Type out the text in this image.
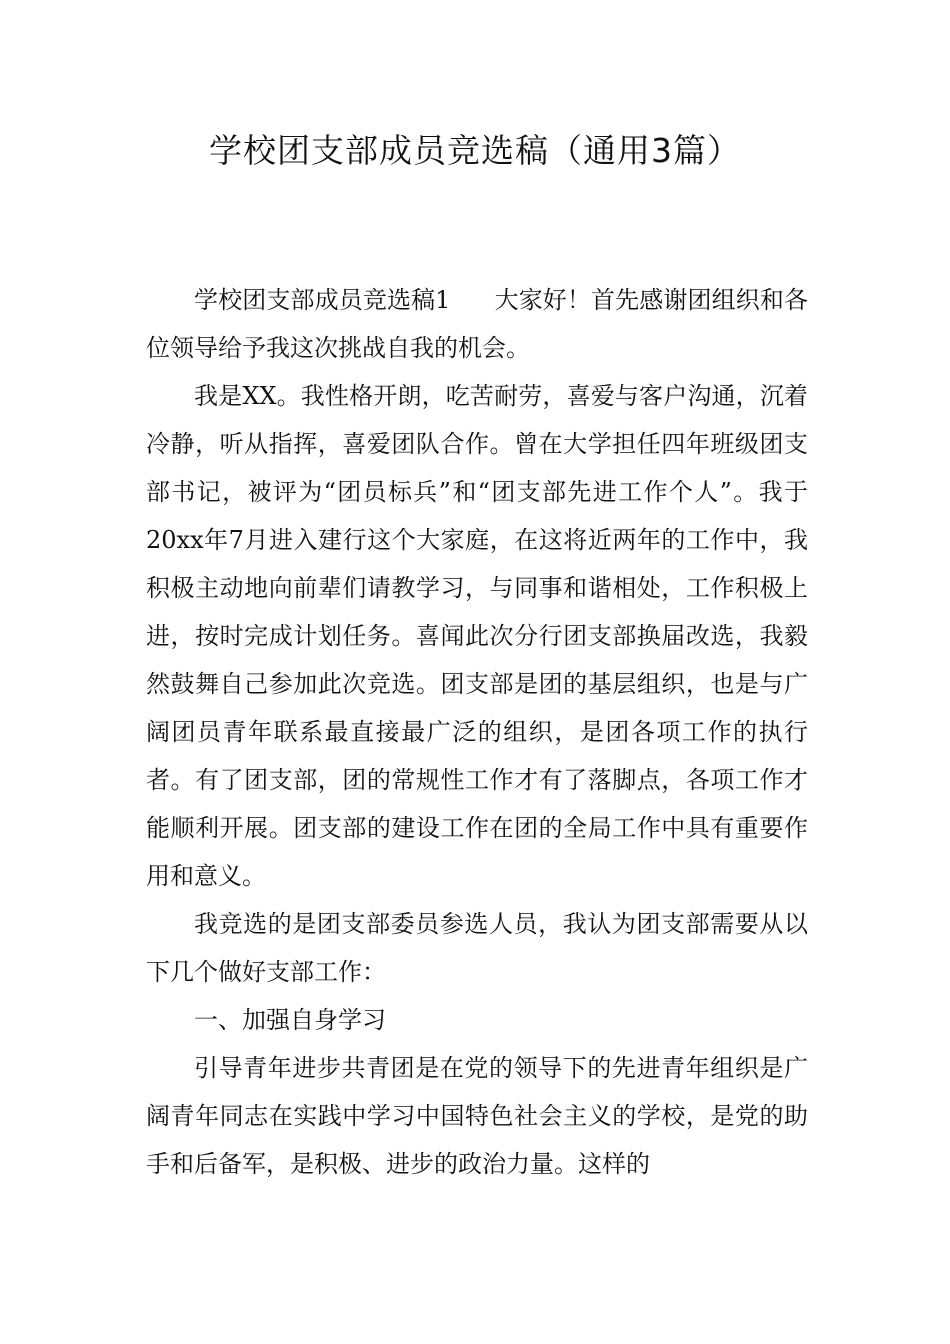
学校团支部成员竞选稿（通用3篇）

学校团支部成员竞选稿1 大家好！首先感谢团组织和各位领导给予我这次挑战自我的机会。

我是XX。我性格开朗，吃苦耐劳，喜爱与客户沟通，沉着冷静，听从指挥，喜爱团队合作。曾在大学担任四年班级团支部书记，被评为“团员标兵”和“团支部先进工作个人”。我于20xx年7月进入建行这个大家庭，在这将近两年的工作中，我积极主动地向前辈们请教学习，与同事和谐相处，工作积极上进，按时完成计划任务。喜闻此次分行团支部换届改选，我毅然鼓舞自己参加此次竞选。团支部是团的基层组织，也是与广阔团员青年联系最直接最广泛的组织，是团各项工作的执行者。有了团支部，团的常规性工作才有了落脚点，各项工作才能顺利开展。团支部的建设工作在团的全局工作中具有重要作用和意义。

我竞选的是团支部委员参选人员，我认为团支部需要从以下几个做好支部工作：

一、加强自身学习

引导青年进步共青团是在党的领导下的先进青年组织是广阔青年同志在实践中学习中国特色社会主义的学校，是党的助手和后备军，是积极、进步的政治力量。这样的
